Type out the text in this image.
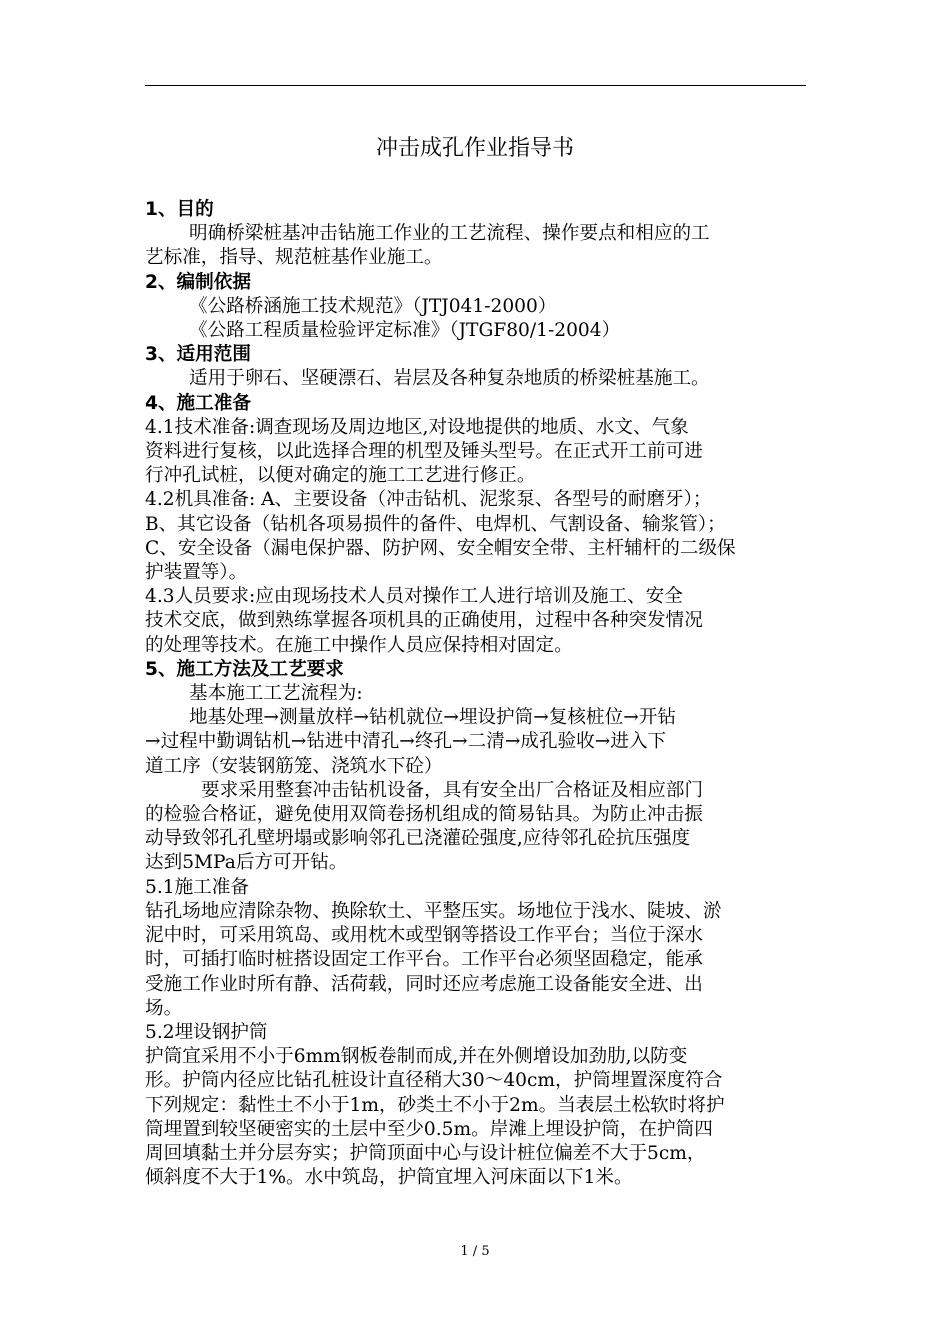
冲击成孔作业指导书
1、目的
明确桥梁桩基冲击钻施工作业的工艺流程、操作要点和相应的工
艺标准，指导、规范桩基作业施工。
2、编制依据
《公路桥涵施工技术规范》（JTJ041-2000）
《公路工程质量检验评定标准》（JTGF80/1-2004）
3、适用范围
适用于卵石、坚硬漂石、岩层及各种复杂地质的桥梁桩基施工。
4、施工准备
4.1技术准备:调查现场及周边地区,对设地提供的地质、水文、气象
资料进行复核，以此选择合理的机型及锤头型号。在正式开工前可进
行冲孔试桩，以便对确定的施工工艺进行修正。
4.2机具准备: A、主要设备（冲击钻机、泥浆泵、各型号的耐磨牙）；
B、其它设备（钻机各项易损件的备件、电焊机、气割设备、输浆管）；
C、安全设备（漏电保护器、防护网、安全帽安全带、主杆辅杆的二级保
护装置等）。
4.3人员要求:应由现场技术人员对操作工人进行培训及施工、安全
技术交底，做到熟练掌握各项机具的正确使用，过程中各种突发情况
的处理等技术。在施工中操作人员应保持相对固定。
5、施工方法及工艺要求
基本施工工艺流程为:
地基处理→测量放样→钻机就位→埋设护筒→复核桩位→开钻
→过程中勤调钻机→钻进中清孔→终孔→二清→成孔验收→进入下
道工序（安装钢筋笼、浇筑水下砼）
要求采用整套冲击钻机设备，具有安全出厂合格证及相应部门
的检验合格证，避免使用双筒卷扬机组成的简易钻具。为防止冲击振
动导致邻孔孔壁坍塌或影响邻孔已浇灌砼强度,应待邻孔砼抗压强度
达到5MPa后方可开钻。
5.1施工准备
钻孔场地应清除杂物、换除软土、平整压实。场地位于浅水、陡坡、淤
泥中时，可采用筑岛、或用枕木或型钢等搭设工作平台；当位于深水
时，可插打临时桩搭设固定工作平台。工作平台必须坚固稳定，能承
受施工作业时所有静、活荷载，同时还应考虑施工设备能安全进、出
场。
5.2埋设钢护筒
护筒宜采用不小于6mm钢板卷制而成,并在外侧增设加劲肋,以防变
形。护筒内径应比钻孔桩设计直径稍大30～40cm，护筒埋置深度符合
下列规定：黏性土不小于1m，砂类土不小于2m。当表层土松软时将护
筒埋置到较坚硬密实的土层中至少0.5m。岸滩上埋设护筒，在护筒四
周回填黏土并分层夯实；护筒顶面中心与设计桩位偏差不大于5cm，
倾斜度不大于1%。水中筑岛，护筒宜埋入河床面以下1米。
1 / 5
